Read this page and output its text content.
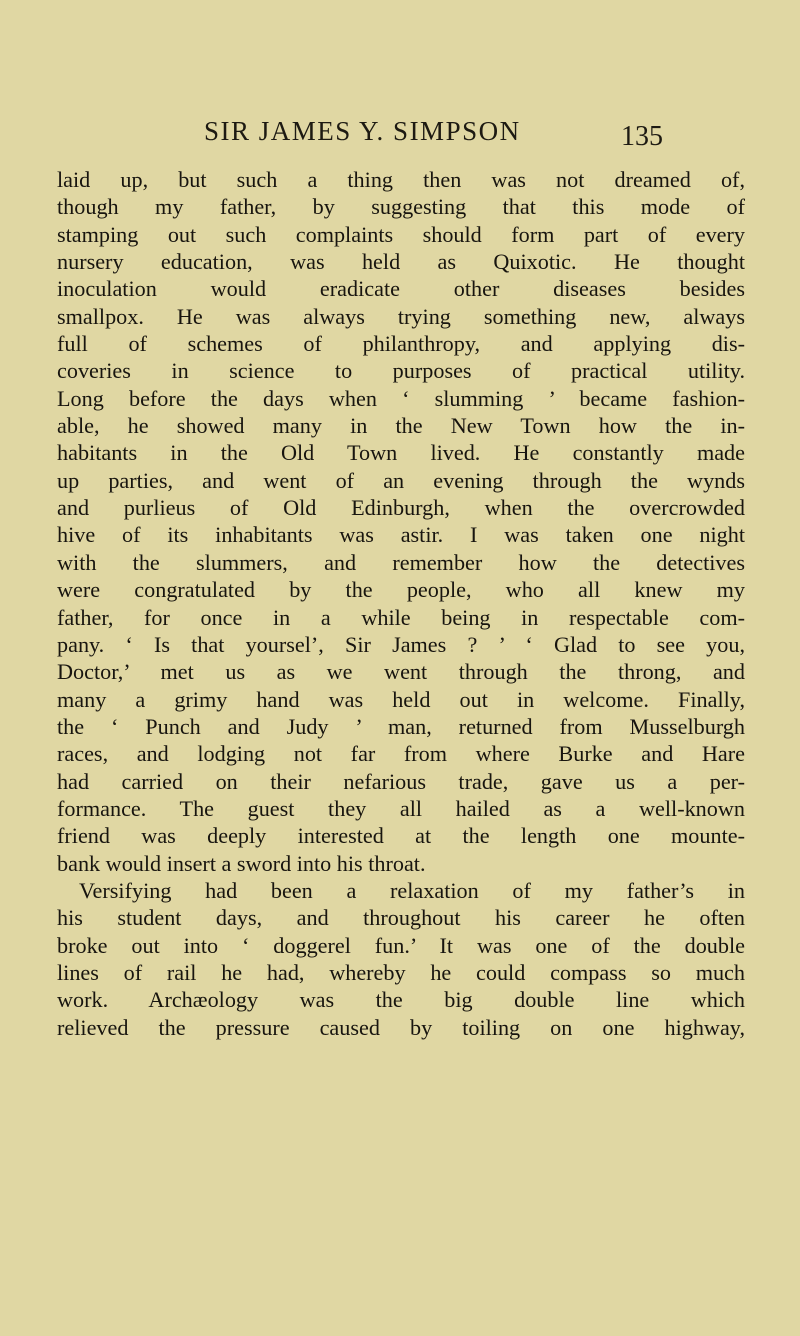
SIR JAMES Y. SIMPSON	135
laid up, but such a thing then was not dreamed of,
though my father, by suggesting that this mode of
stamping out such complaints should form part of every
nursery education, was held as Quixotic. He thought
inoculation would eradicate other diseases besides
smallpox. He was always trying something new, always
full of schemes of philanthropy, and applying dis-
coveries in science to purposes of practical utility.
Long before the days when ‘ slumming ’ became fashion-
able, he showed many in the New Town how the in-
habitants in the Old Town lived. He constantly made
up parties, and went of an evening through the wynds
and purlieus of Old Edinburgh, when the overcrowded
hive of its inhabitants was astir. I was taken one night
with the slummers, and remember how the detectives
were congratulated by the people, who all knew my
father, for once in a while being in respectable com-
pany. ‘ Is that yoursel’, Sir James ? ’ ‘ Glad to see you,
Doctor,’ met us as we went through the throng, and
many a grimy hand was held out in welcome. Finally,
the ‘ Punch and Judy ’ man, returned from Musselburgh
races, and lodging not far from where Burke and Hare
had carried on their nefarious trade, gave us a per-
formance. The guest they all hailed as a well-known
friend was deeply interested at the length one mounte-
bank would insert a sword into his throat.
Versifying had been a relaxation of my father’s in
his student days, and throughout his career he often
broke out into ‘ doggerel fun.’ It was one of the double
lines of rail he had, whereby he could compass so much
work. Archæology was the big double line which
relieved the pressure caused by toiling on one highway,
